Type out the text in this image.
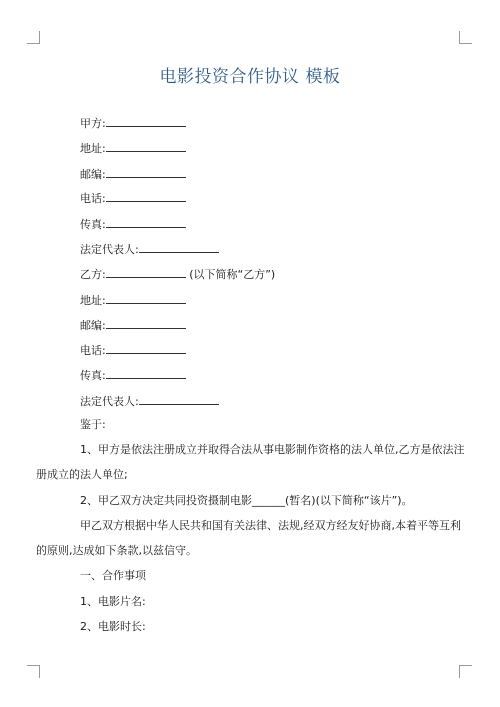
电影投资合作协议 模板
甲方:
地址:
邮编:
电话:
传真:
法定代表人:
乙方:	(以下简称“乙方”)
地址:
邮编:
电话:
传真:
法定代表人:
鉴于:
1、甲方是依法注册成立并取得合法从事电影制作资格的法人单位,乙方是依法注
册成立的法人单位;
2、甲乙双方决定共同投资摄制电影______(暂名)(以下简称“该片”)。
甲乙双方根据中华人民共和国有关法律、法规,经双方经友好协商,本着平等互利
的原则,达成如下条款,以兹信守。
一、合作事项
1、电影片名:
2、电影时长:
